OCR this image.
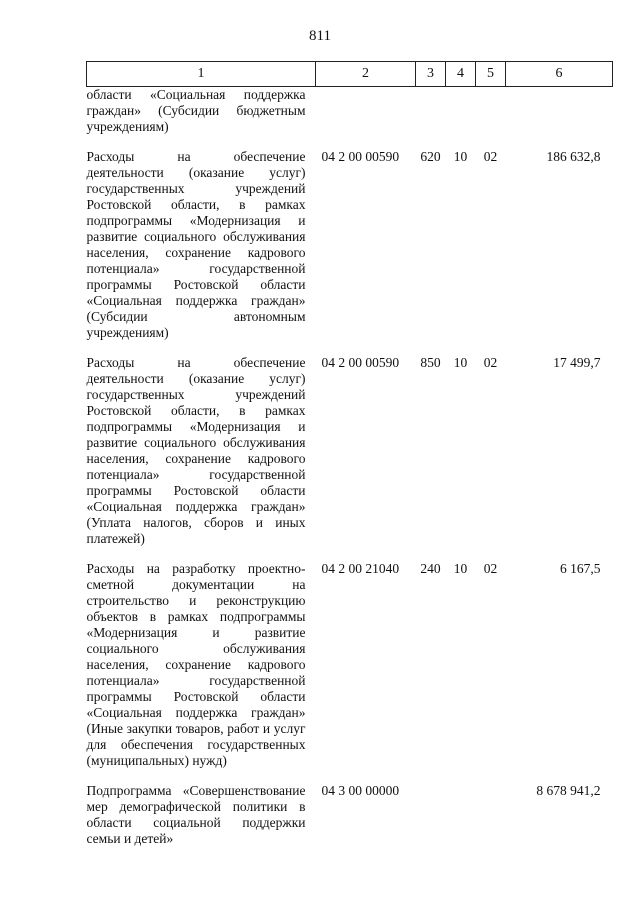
811
1	2	3	4	5	6

области «Социальная поддержка граждан» (Субсидии бюджетным учреждениям)					

Расходы на обеспечение деятельности (оказание услуг) государственных учреждений Ростовской области, в рамках подпрограммы «Модернизация и развитие социального обслуживания населения, сохранение кадрового потенциала» государственной программы Ростовской области «Социальная поддержка граждан» (Субсидии автономным учреждениям)	04 2 00 00590	620	10	02	186 632,8

Расходы на обеспечение деятельности (оказание услуг) государственных учреждений Ростовской области, в рамках подпрограммы «Модернизация и развитие социального обслуживания населения, сохранение кадрового потенциала» государственной программы Ростовской области «Социальная поддержка граждан» (Уплата налогов, сборов и иных платежей)	04 2 00 00590	850	10	02	17 499,7

Расходы на разработку проектно-сметной документации на строительство и реконструкцию объектов в рамках подпрограммы «Модернизация и развитие социального обслуживания населения, сохранение кадрового потенциала» государственной программы Ростовской области «Социальная поддержка граждан» (Иные закупки товаров, работ и услуг для обеспечения государственных (муниципальных) нужд)	04 2 00 21040	240	10	02	6 167,5

Подпрограмма «Совершенствование мер демографической политики в области социальной поддержки семьи и детей»	04 3 00 00000				8 678 941,2
